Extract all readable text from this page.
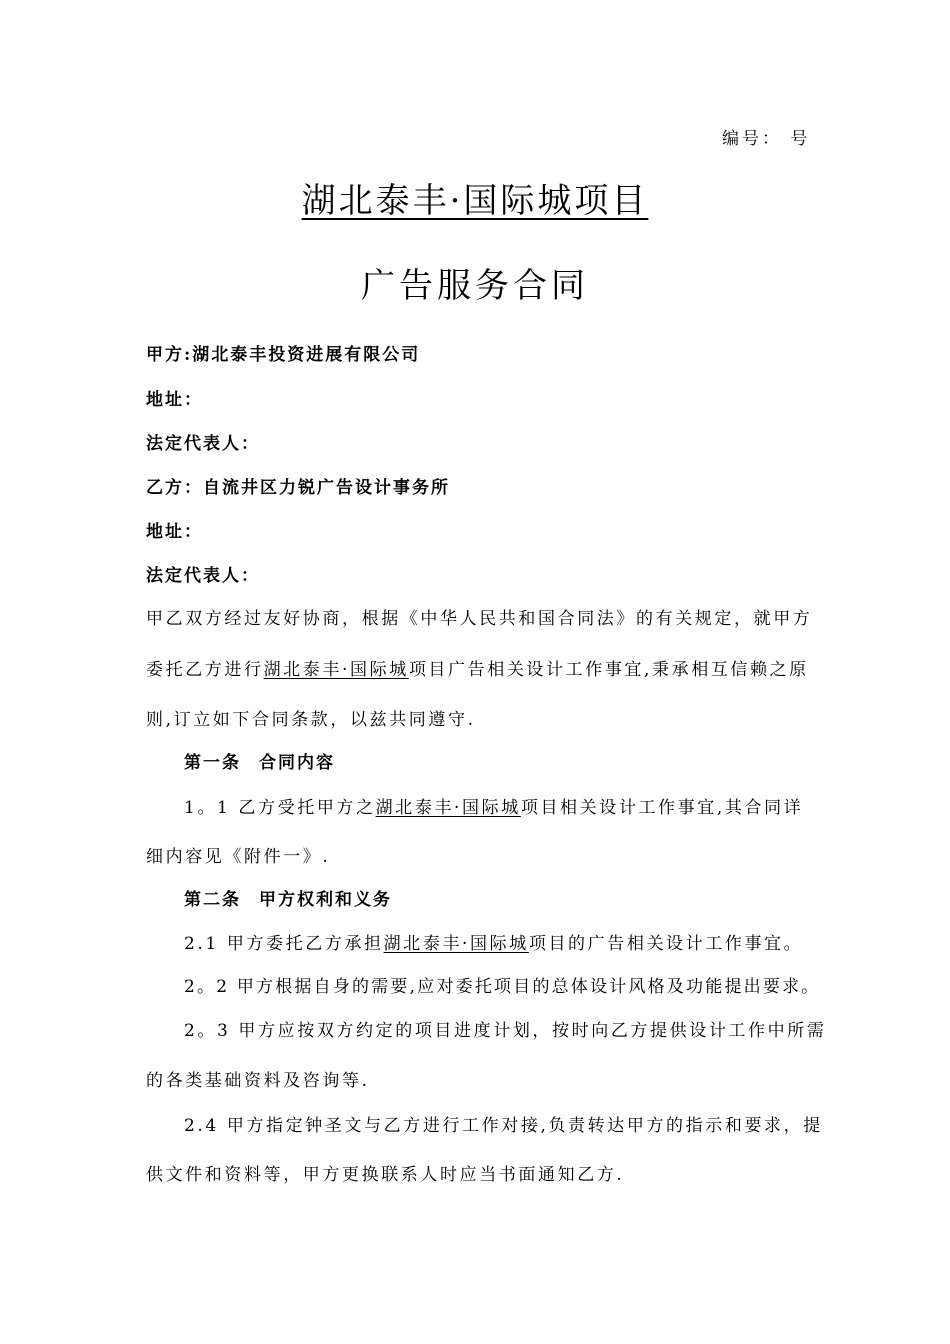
编号： 号
湖北泰丰·国际城项目
广告服务合同
甲方:湖北泰丰投资进展有限公司
地址：
法定代表人：
乙方：自流井区力锐广告设计事务所
地址：
法定代表人：
甲乙双方经过友好协商，根据《中华人民共和国合同法》的有关规定，就甲方
委托乙方进行湖北泰丰·国际城项目广告相关设计工作事宜,秉承相互信赖之原
则,订立如下合同条款，以兹共同遵守.
第一条 合同内容
1。1 乙方受托甲方之湖北泰丰·国际城项目相关设计工作事宜,其合同详
细内容见《附件一》.
第二条 甲方权利和义务
2.1 甲方委托乙方承担湖北泰丰·国际城项目的广告相关设计工作事宜。
2。2 甲方根据自身的需要,应对委托项目的总体设计风格及功能提出要求。
2。3 甲方应按双方约定的项目进度计划，按时向乙方提供设计工作中所需
的各类基础资料及咨询等.
2.4 甲方指定钟圣文与乙方进行工作对接,负责转达甲方的指示和要求，提
供文件和资料等，甲方更换联系人时应当书面通知乙方.
